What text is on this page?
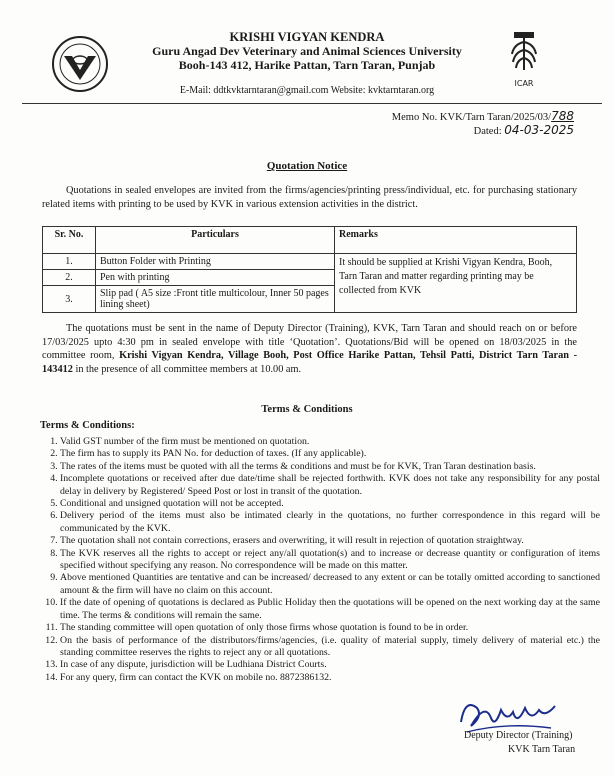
KRISHI VIGYAN KENDRA
Guru Angad Dev Veterinary and Animal Sciences University
Booh-143 412, Harike Pattan, Tarn Taran, Punjab
ICAR
E-Mail: ddtkvktarntaran@gmail.com Website: kvktarntaran.org
Memo No. KVK/Tarn Taran/2025/03/788
Dated: 04-03-2025
Quotation Notice
Quotations in sealed envelopes are invited from the firms/agencies/printing press/individual, etc. for purchasing stationary related items with printing to be used by KVK in various extension activities in the district.
Sr. No.	Particulars	Remarks
1.	Button Folder with Printing	It should be supplied at Krishi Vigyan Kendra, Booh, Tarn Taran and matter regarding printing may be collected from KVK
2.	Pen with printing	
3.	Slip pad ( A5 size :Front title multicolour, Inner 50 pages lining sheet)	
The quotations must be sent in the name of Deputy Director (Training), KVK, Tarn Taran and should reach on or before 17/03/2025 upto 4:30 pm in sealed envelope with title ‘Quotation’. Quotations/Bid will be opened on 18/03/2025 in the committee room, Krishi Vigyan Kendra, Village Booh, Post Office Harike Pattan, Tehsil Patti, District Tarn Taran - 143412 in the presence of all committee members at 10.00 am.
Terms & Conditions
Terms & Conditions:
1. Valid GST number of the firm must be mentioned on quotation.
2. The firm has to supply its PAN No. for deduction of taxes. (If any applicable).
3. The rates of the items must be quoted with all the terms & conditions and must be for KVK, Tran Taran destination basis.
4. Incomplete quotations or received after due date/time shall be rejected forthwith. KVK does not take any responsibility for any postal delay in delivery by Registered/ Speed Post or lost in transit of the quotation.
5. Conditional and unsigned quotation will not be accepted.
6. Delivery period of the items must also be intimated clearly in the quotations, no further correspondence in this regard will be communicated by the KVK.
7. The quotation shall not contain corrections, erasers and overwriting, it will result in rejection of quotation straightway.
8. The KVK reserves all the rights to accept or reject any/all quotation(s) and to increase or decrease quantity or configuration of items specified without specifying any reason. No correspondence will be made on this matter.
9. Above mentioned Quantities are tentative and can be increased/ decreased to any extent or can be totally omitted according to sanctioned amount & the firm will have no claim on this account.
10. If the date of opening of quotations is declared as Public Holiday then the quotations will be opened on the next working day at the same time. The terms & conditions will remain the same.
11. The standing committee will open quotation of only those firms whose quotation is found to be in order.
12. On the basis of performance of the distributors/firms/agencies, (i.e. quality of material supply, timely delivery of material etc.) the standing committee reserves the rights to reject any or all quotations.
13. In case of any dispute, jurisdiction will be Ludhiana District Courts.
14. For any query, firm can contact the KVK on mobile no. 8872386132.
Deputy Director (Training)
KVK Tarn Taran
